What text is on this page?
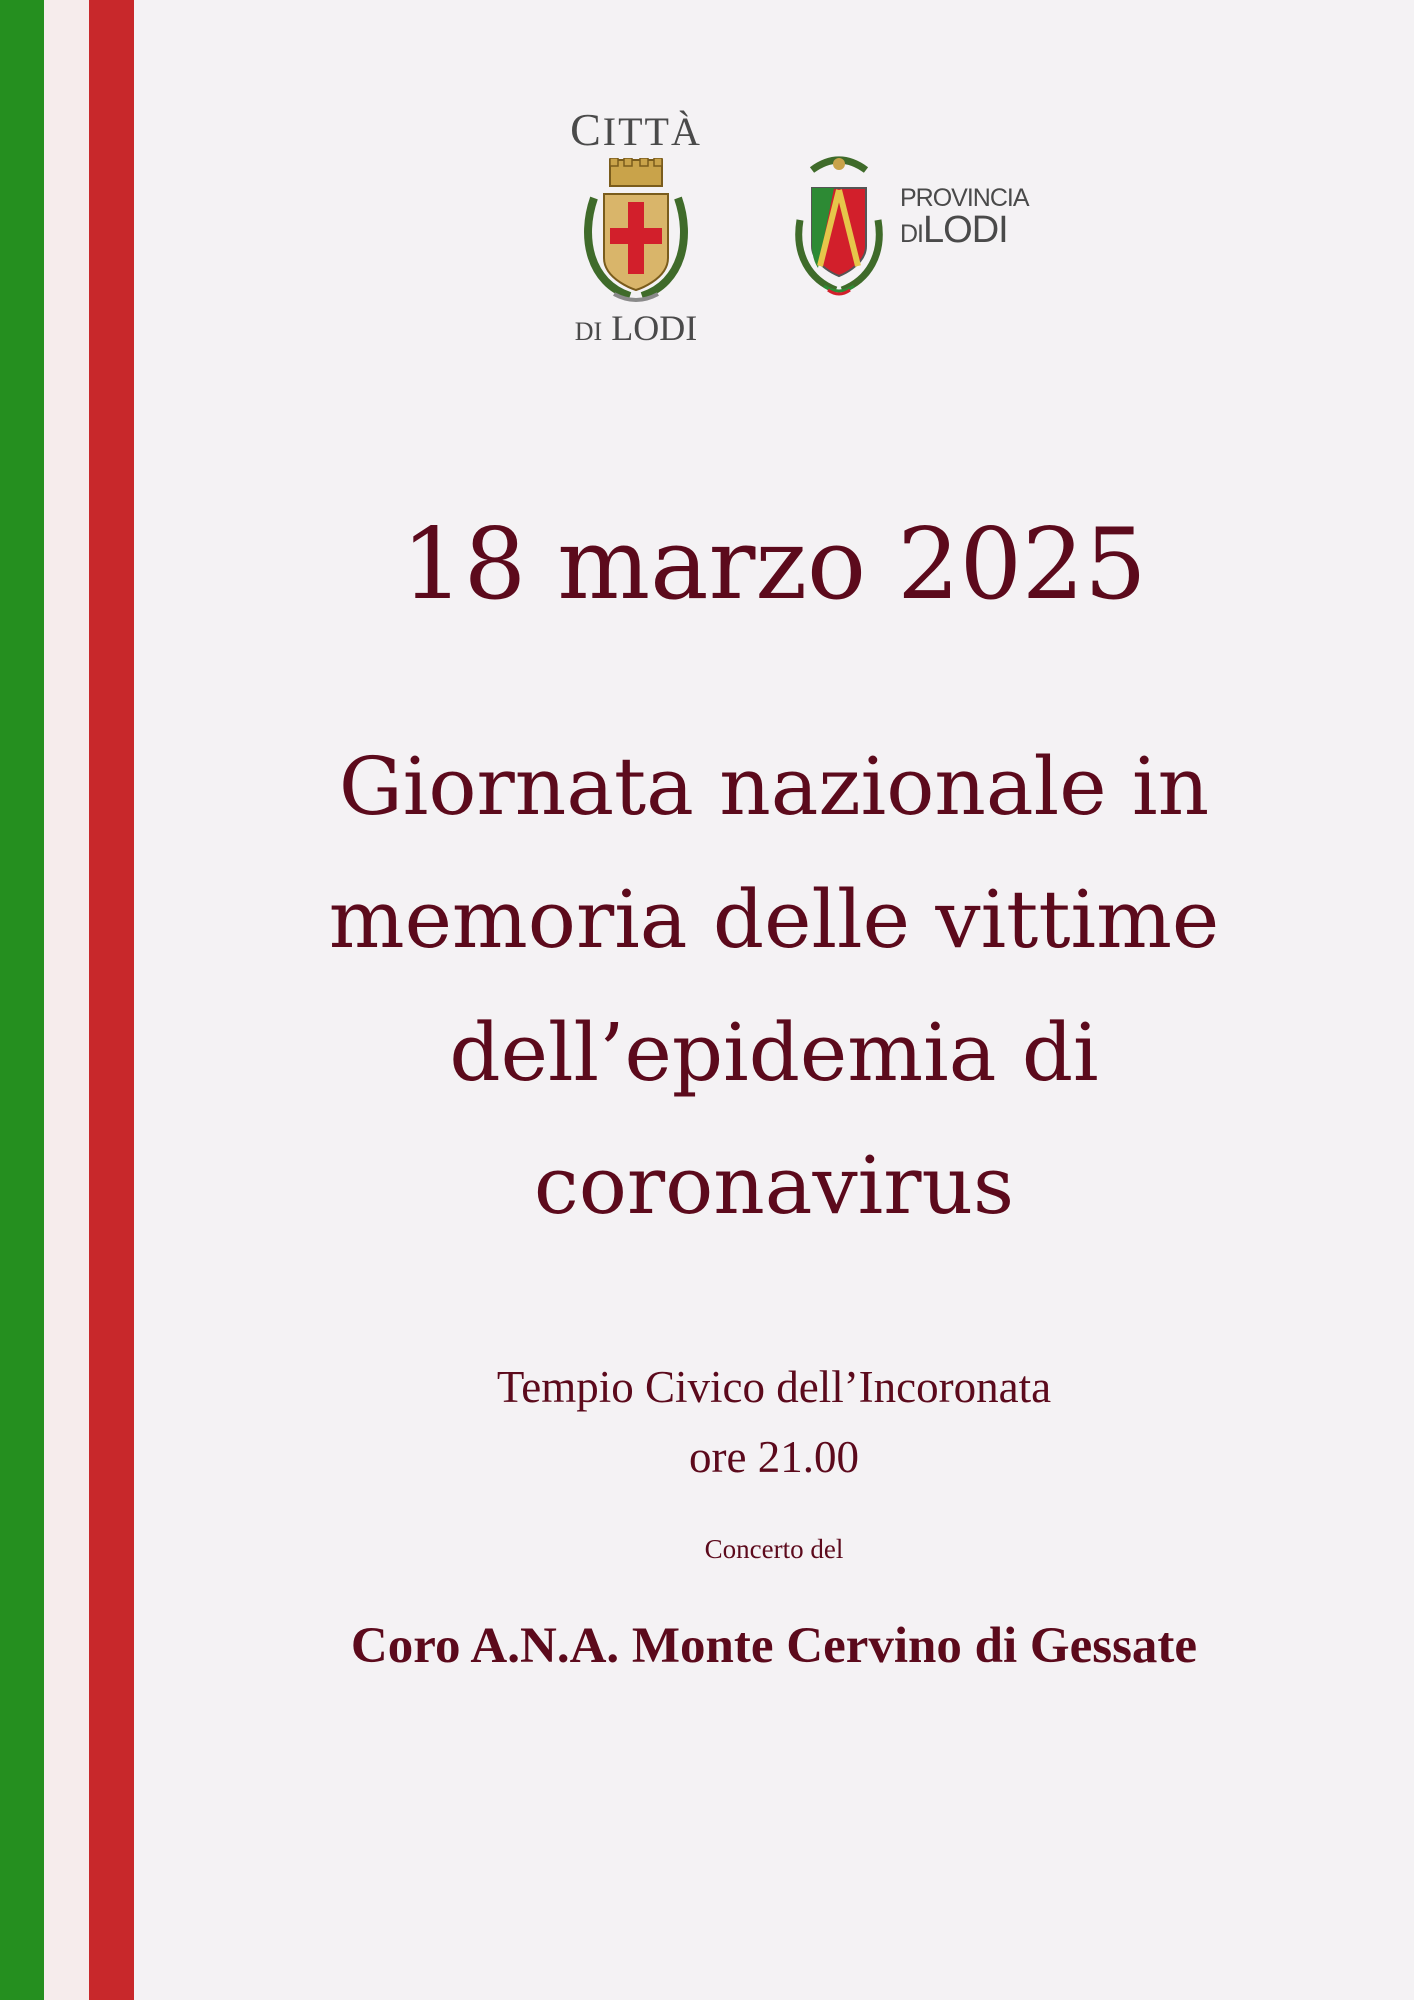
CITTÀ
DI LODI
PROVINCIA
DILODI
18 marzo 2025
Giornata nazionale in memoria delle vittime dell’epidemia di coronavirus
Tempio Civico dell’Incoronata
ore 21.00
Concerto del
Coro A.N.A. Monte Cervino di Gessate
